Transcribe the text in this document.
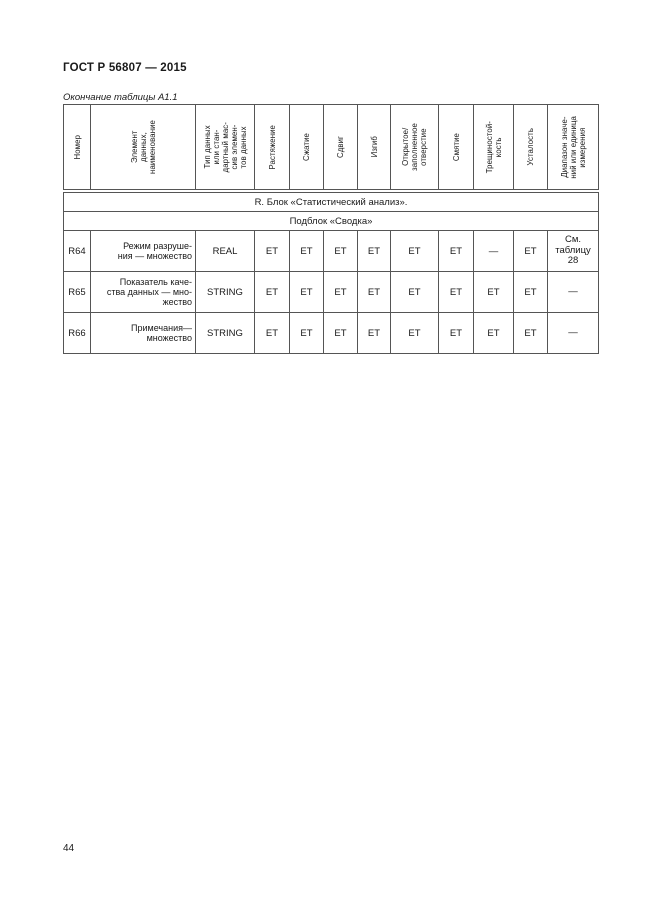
ГОСТ Р 56807 — 2015
Окончание таблицы А1.1
Номер	Элемент
данных,
наименование	Тип данных
или стан-
дартный мас-
сив элемен-
тов данных	Растяжение	Сжатие	Сдвиг	Изгиб	Открытое/
заполненное
отверстие	Смятие	Трещиностой-
кость	Усталость	Диапазон значе-
ний или единица
измерения

R. Блок «Статистический анализ».											
Подблок «Сводка»											
R64	Режим разруше-
ния — множество	REAL	ЕТ	ЕТ	ЕТ	ЕТ	ЕТ	ЕТ	—	ЕТ	См.
таблицу
28

R65	Показатель каче-
ства данных — мно-
жество	STRING	ЕТ	ЕТ	ЕТ	ЕТ	ЕТ	ЕТ	ЕТ	ЕТ	—

R66	Примечания—
множество	STRING	ЕТ	ЕТ	ЕТ	ЕТ	ЕТ	ЕТ	ЕТ	ЕТ	—
44
